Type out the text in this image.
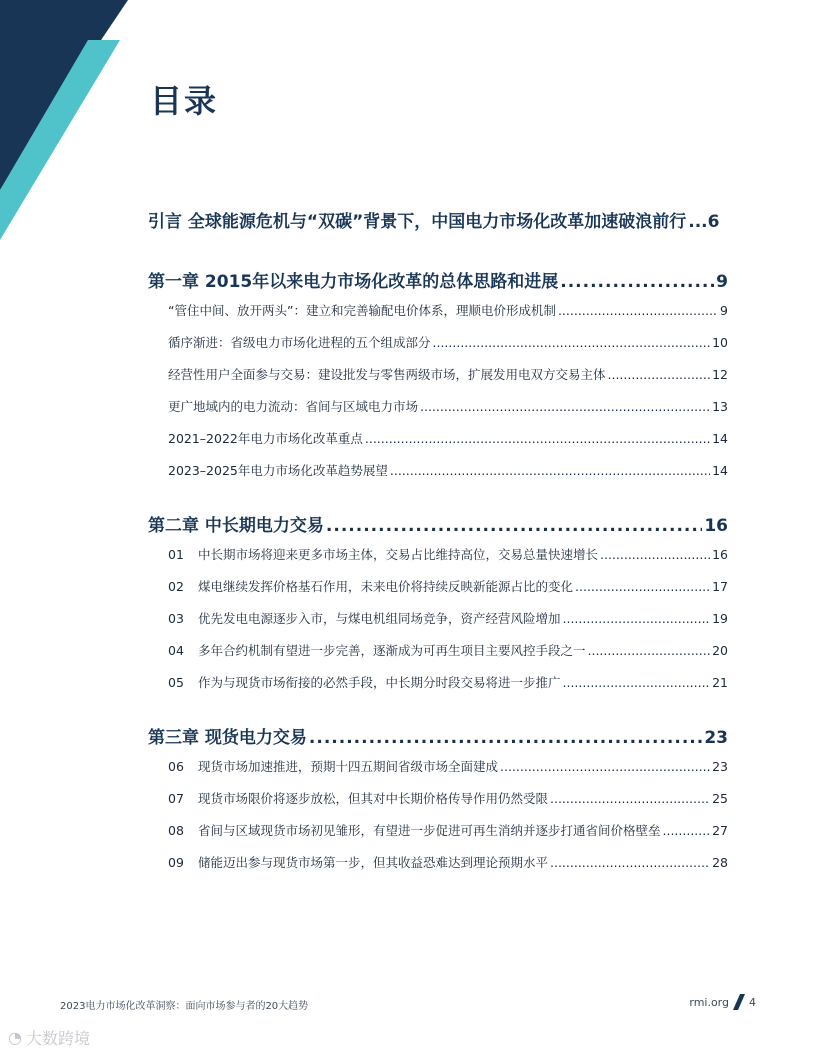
目录
引言 全球能源危机与“双碳”背景下，中国电力市场化改革加速破浪前行 ...6
第一章 2015年以来电力市场化改革的总体思路和进展 .....	9
“管住中间、放开两头”：建立和完善输配电价体系，理顺电价形成机制 .....	9
循序渐进：省级电力市场化进程的五个组成部分 .....	10
经营性用户全面参与交易：建设批发与零售两级市场，扩展发用电双方交易主体 .....	12
更广地域内的电力流动：省间与区域电力市场 .....	13
2021–2022年电力市场化改革重点 .....	14
2023–2025年电力市场化改革趋势展望 .....	14
第二章 中长期电力交易 .....	16
01 中长期市场将迎来更多市场主体，交易占比维持高位，交易总量快速增长 .....	16
02 煤电继续发挥价格基石作用，未来电价将持续反映新能源占比的变化 .....	17
03 优先发电电源逐步入市，与煤电机组同场竞争，资产经营风险增加 .....	19
04 多年合约机制有望进一步完善，逐渐成为可再生项目主要风控手段之一 .....	20
05 作为与现货市场衔接的必然手段，中长期分时段交易将进一步推广 .....	21
第三章 现货电力交易 .....	23
06 现货市场加速推进，预期十四五期间省级市场全面建成 .....	23
07 现货市场限价将逐步放松，但其对中长期价格传导作用仍然受限 .....	25
08 省间与区域现货市场初见雏形，有望进一步促进可再生消纳并逐步打通省间价格壁垒 .....	27
09 储能迈出参与现货市场第一步，但其收益恐难达到理论预期水平 .....	28
2023电力市场化改革洞察：面向市场参与者的20大趋势	rmi.org 4
◔ 大数跨境
